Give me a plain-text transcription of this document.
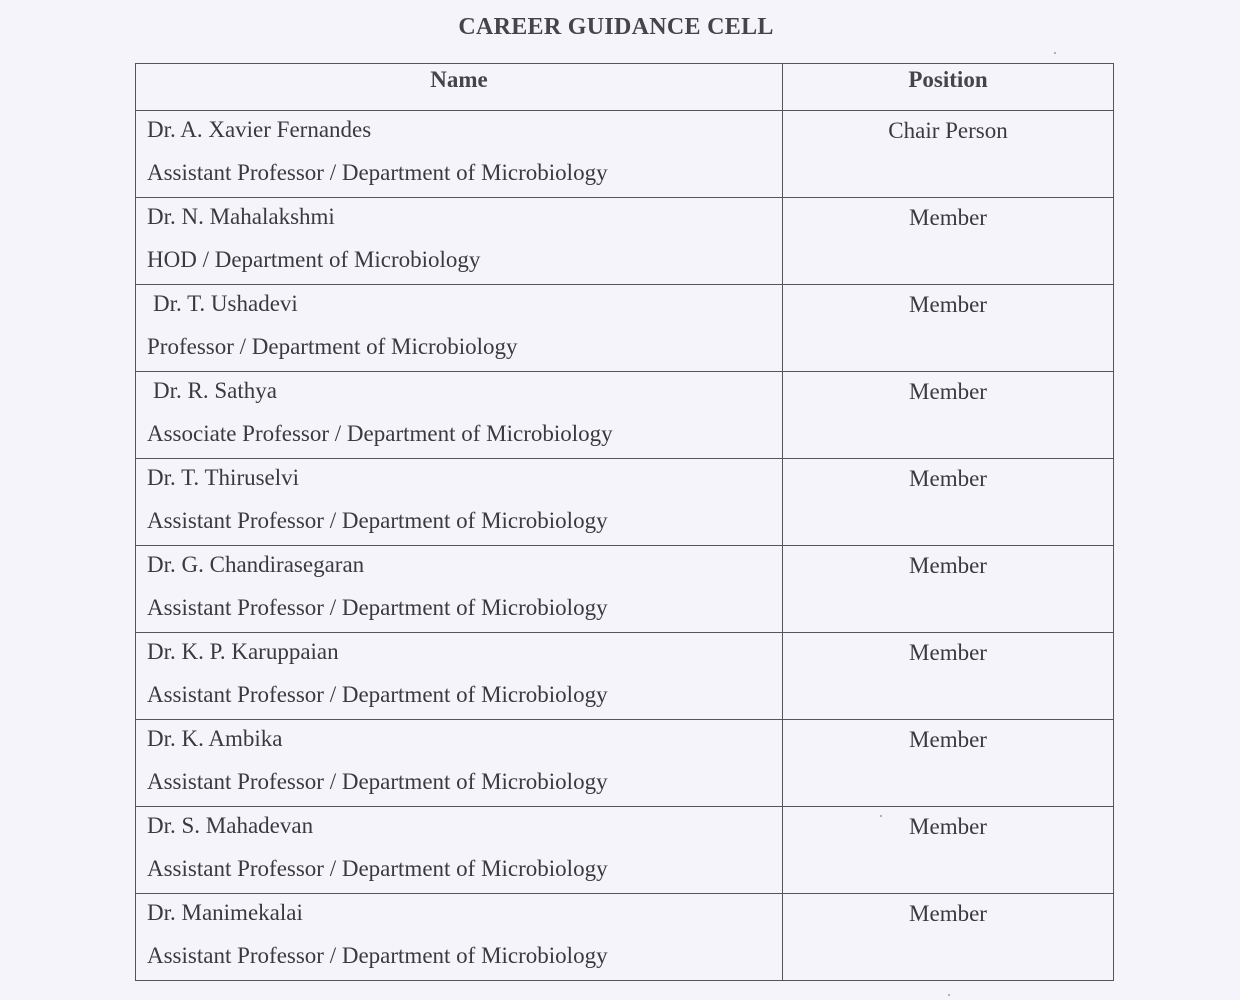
CAREER GUIDANCE CELL
Name	Position

Dr. A. Xavier Fernandes
Assistant Professor / Department of Microbiology	Chair Person

Dr. N. Mahalakshmi
HOD / Department of Microbiology	Member

Dr. T. Ushadevi
Professor / Department of Microbiology	Member

Dr. R. Sathya
Associate Professor / Department of Microbiology	Member

Dr. T. Thiruselvi
Assistant Professor / Department of Microbiology	Member

Dr. G. Chandirasegaran
Assistant Professor / Department of Microbiology	Member

Dr. K. P. Karuppaian
Assistant Professor / Department of Microbiology	Member

Dr. K. Ambika
Assistant Professor / Department of Microbiology	Member

Dr. S. Mahadevan
Assistant Professor / Department of Microbiology	Member

Dr. Manimekalai
Assistant Professor / Department of Microbiology	Member
